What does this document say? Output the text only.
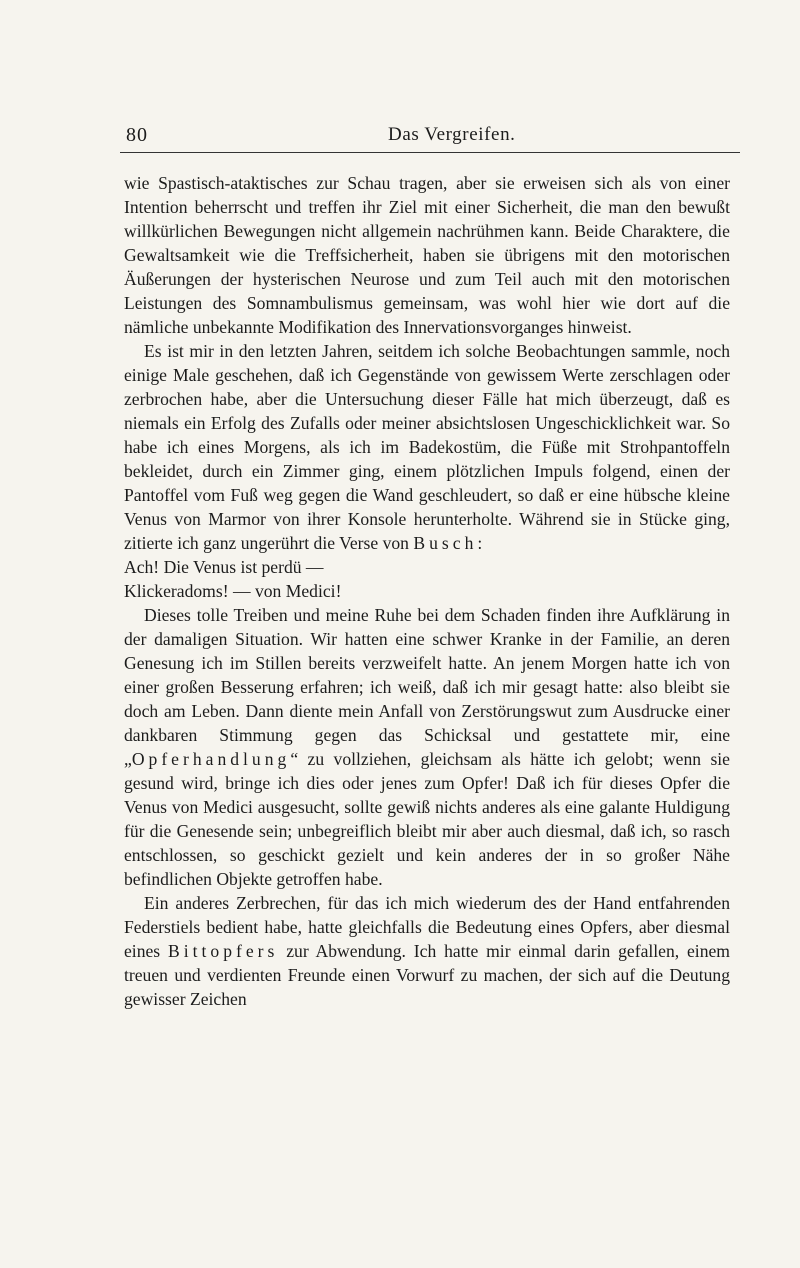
80	Das Vergreifen.

wie Spastisch-ataktisches zur Schau tragen, aber sie erweisen sich als von einer Intention beherrscht und treffen ihr Ziel mit einer Sicherheit, die man den bewußt willkürlichen Bewegungen nicht allgemein nachrühmen kann. Beide Charaktere, die Gewaltsamkeit wie die Treffsicherheit, haben sie übrigens mit den motorischen Äußerungen der hysterischen Neurose und zum Teil auch mit den motorischen Leistungen des Somnambulismus gemeinsam, was wohl hier wie dort auf die nämliche unbekannte Modifikation des Innervationsvorganges hinweist.

Es ist mir in den letzten Jahren, seitdem ich solche Beobachtungen sammle, noch einige Male geschehen, daß ich Gegenstände von gewissem Werte zerschlagen oder zerbrochen habe, aber die Untersuchung dieser Fälle hat mich überzeugt, daß es niemals ein Erfolg des Zufalls oder meiner absichtslosen Ungeschicklichkeit war. So habe ich eines Morgens, als ich im Badekostüm, die Füße mit Strohpantoffeln bekleidet, durch ein Zimmer ging, einem plötzlichen Impuls folgend, einen der Pantoffel vom Fuß weg gegen die Wand geschleudert, so daß er eine hübsche kleine Venus von Marmor von ihrer Konsole herunterholte. Während sie in Stücke ging, zitierte ich ganz ungerührt die Verse von Busch:

Ach! Die Venus ist perdü —

Klickeradoms! — von Medici!

Dieses tolle Treiben und meine Ruhe bei dem Schaden finden ihre Aufklärung in der damaligen Situation. Wir hatten eine schwer Kranke in der Familie, an deren Genesung ich im Stillen bereits verzweifelt hatte. An jenem Morgen hatte ich von einer großen Besserung erfahren; ich weiß, daß ich mir gesagt hatte: also bleibt sie doch am Leben. Dann diente mein Anfall von Zerstörungswut zum Ausdrucke einer dankbaren Stimmung gegen das Schicksal und gestattete mir, eine „Opferhandlung“ zu vollziehen, gleichsam als hätte ich gelobt; wenn sie gesund wird, bringe ich dies oder jenes zum Opfer! Daß ich für dieses Opfer die Venus von Medici ausgesucht, sollte gewiß nichts anderes als eine galante Huldigung für die Genesende sein; unbegreiflich bleibt mir aber auch diesmal, daß ich, so rasch entschlossen, so geschickt gezielt und kein anderes der in so großer Nähe befindlichen Objekte getroffen habe.

Ein anderes Zerbrechen, für das ich mich wiederum des der Hand entfahrenden Federstiels bedient habe, hatte gleichfalls die Bedeutung eines Opfers, aber diesmal eines Bittopfers zur Abwendung. Ich hatte mir einmal darin gefallen, einem treuen und verdienten Freunde einen Vorwurf zu machen, der sich auf die Deutung gewisser Zeichen
